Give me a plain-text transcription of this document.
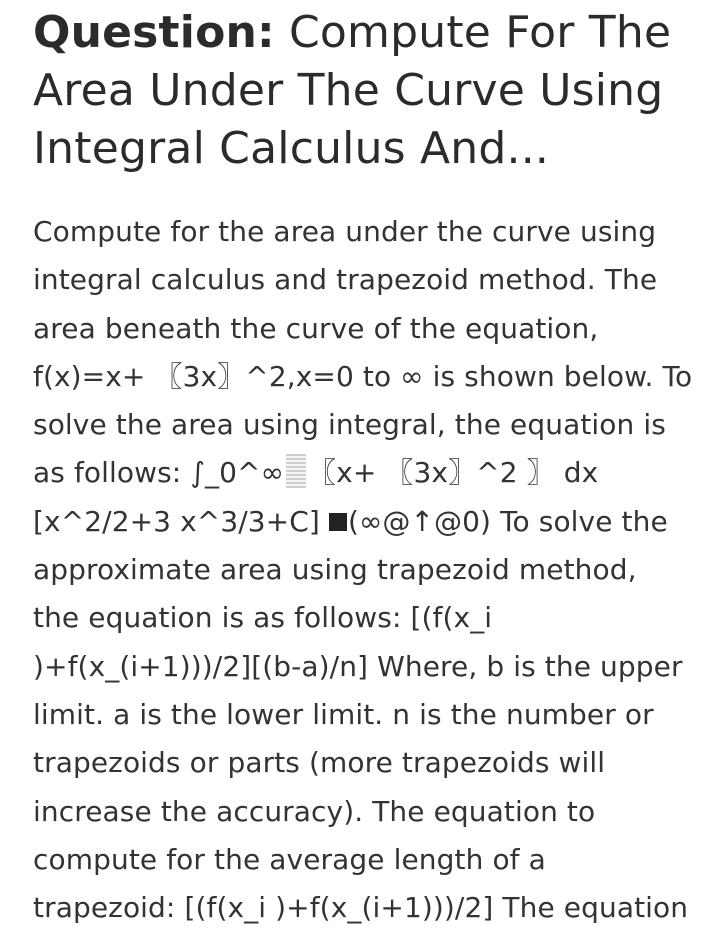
Question: Compute For The
Area Under The Curve Using
Integral Calculus And...
Compute for the area under the curve using
integral calculus and trapezoid method. The
area beneath the curve of the equation,
f(x)=x+ 〖3x〗^2,x=0 to ∞ is shown below. To
solve the area using integral, the equation is
as follows: ∫_0^∞ 〖x+ 〖3x〗^2 〗 dx
[x^2/2+3 x^3/3+C] (∞@↑@0) To solve the
approximate area using trapezoid method,
the equation is as follows: [(f(x_i
)+f(x_(i+1)))/2][(b-a)/n] Where, b is the upper
limit. a is the lower limit. n is the number or
trapezoids or parts (more trapezoids will
increase the accuracy). The equation to
compute for the average length of a
trapezoid: [(f(x_i )+f(x_(i+1)))/2] The equation
